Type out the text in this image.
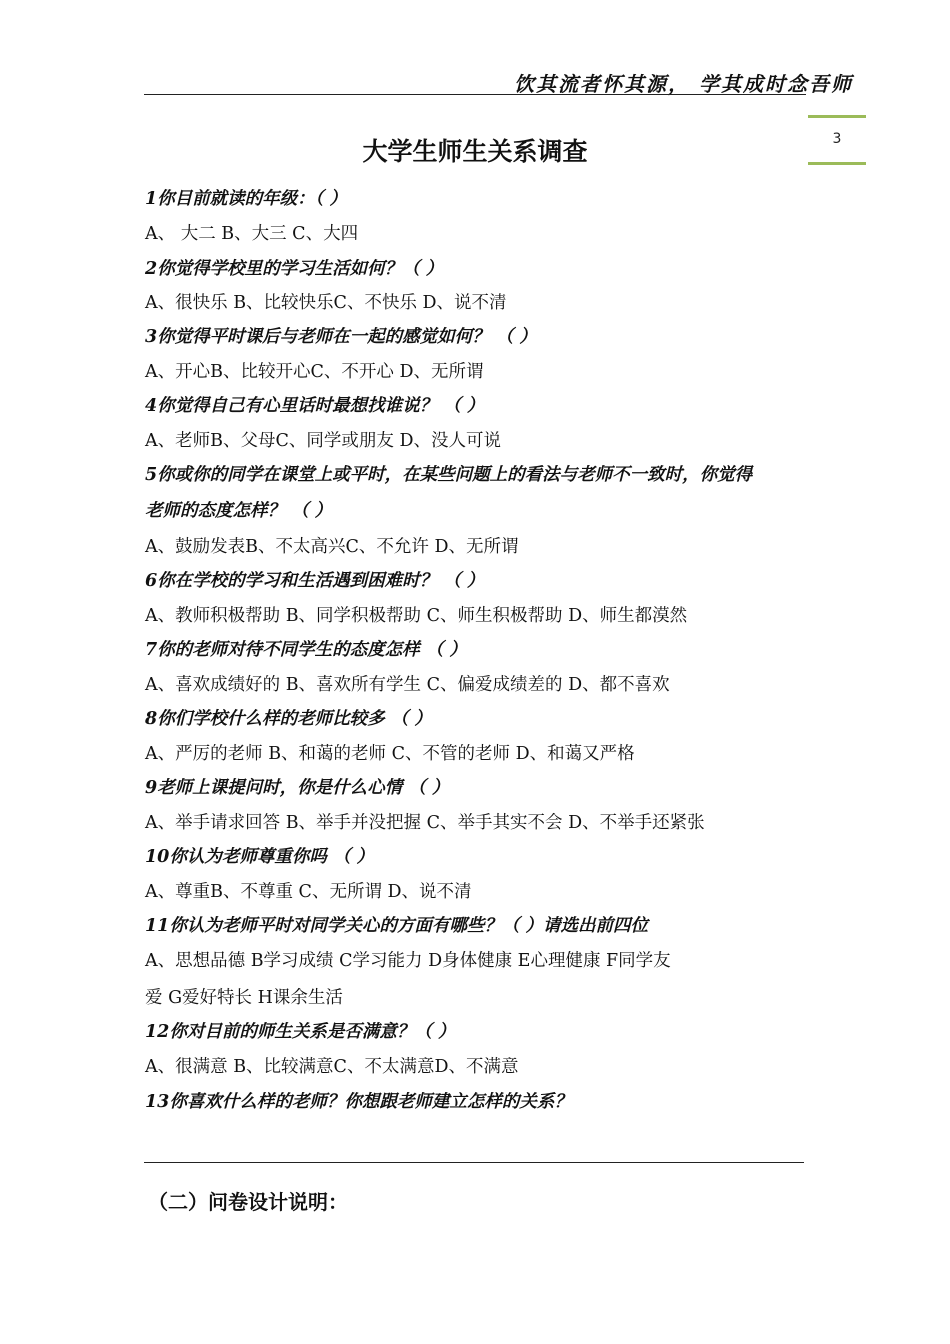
饮其流者怀其源， 学其成时念吾师
3
大学生师生关系调查
1你目前就读的年级：（ ）
A、 大二 B、大三 C、大四
2你觉得学校里的学习生活如何？（ ）
A、很快乐 B、比较快乐C、不快乐 D、说不清
3你觉得平时课后与老师在一起的感觉如何？ （ ）
A、开心B、比较开心C、不开心 D、无所谓
4你觉得自己有心里话时最想找谁说？ （ ）
A、老师B、父母C、同学或朋友 D、没人可说
5你或你的同学在课堂上或平时，在某些问题上的看法与老师不一致时，你觉得
老师的态度怎样？ （ ）
A、鼓励发表B、不太高兴C、不允许 D、无所谓
6你在学校的学习和生活遇到困难时？ （ ）
A、教师积极帮助 B、同学积极帮助 C、师生积极帮助 D、师生都漠然
7你的老师对待不同学生的态度怎样 （ ）
A、喜欢成绩好的 B、喜欢所有学生 C、偏爱成绩差的 D、都不喜欢
8你们学校什么样的老师比较多 （ ）
A、严厉的老师 B、和蔼的老师 C、不管的老师 D、和蔼又严格
9老师上课提问时，你是什么心情 （ ）
A、举手请求回答 B、举手并没把握 C、举手其实不会 D、不举手还紧张
10你认为老师尊重你吗 （ ）
A、尊重B、不尊重 C、无所谓 D、说不清
11你认为老师平时对同学关心的方面有哪些？（ ）请选出前四位
A、思想品德 B学习成绩 C学习能力 D身体健康 E心理健康 F同学友
爱 G爱好特长 H课余生活
12你对目前的师生关系是否满意？（ ）
A、很满意 B、比较满意C、不太满意D、不满意
13你喜欢什么样的老师？你想跟老师建立怎样的关系？
（二）问卷设计说明：
